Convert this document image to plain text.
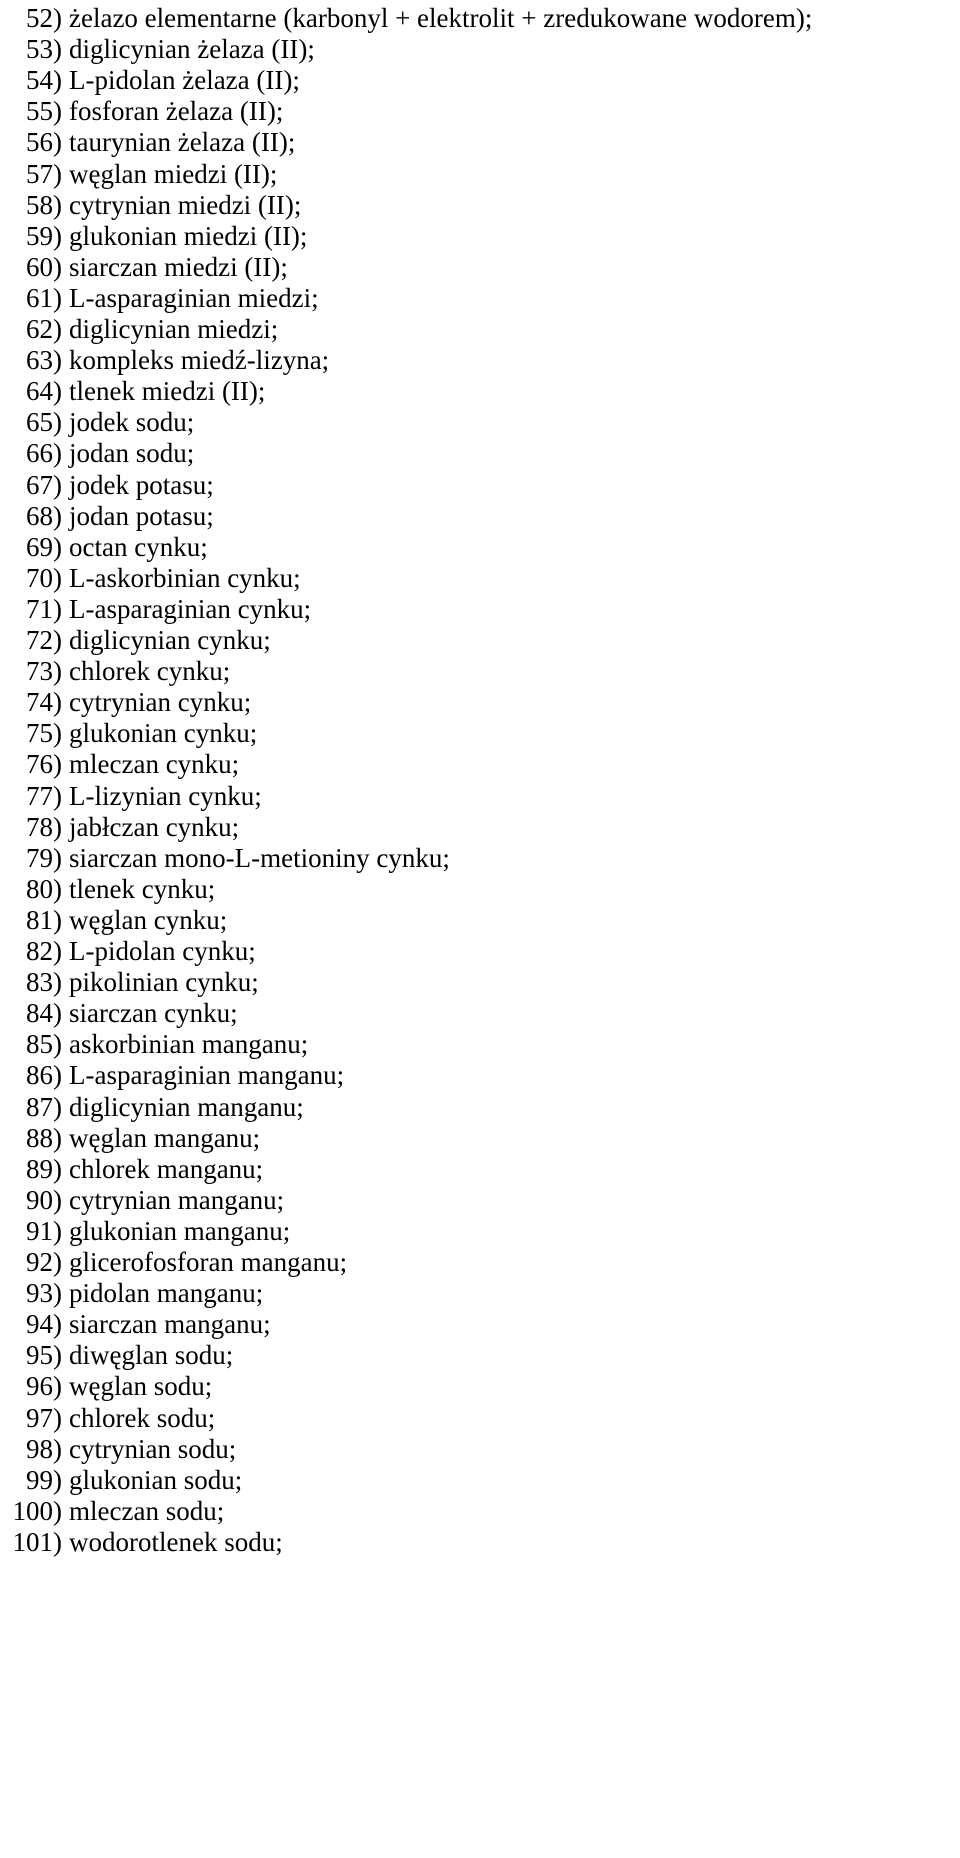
52) żelazo elementarne (karbonyl + elektrolit + zredukowane wodorem);
53) diglicynian żelaza (II);
54) L-pidolan żelaza (II);
55) fosforan żelaza (II);
56) taurynian żelaza (II);
57) węglan miedzi (II);
58) cytrynian miedzi (II);
59) glukonian miedzi (II);
60) siarczan miedzi (II);
61) L-asparaginian miedzi;
62) diglicynian miedzi;
63) kompleks miedź-lizyna;
64) tlenek miedzi (II);
65) jodek sodu;
66) jodan sodu;
67) jodek potasu;
68) jodan potasu;
69) octan cynku;
70) L-askorbinian cynku;
71) L-asparaginian cynku;
72) diglicynian cynku;
73) chlorek cynku;
74) cytrynian cynku;
75) glukonian cynku;
76) mleczan cynku;
77) L-lizynian cynku;
78) jabłczan cynku;
79) siarczan mono-L-metioniny cynku;
80) tlenek cynku;
81) węglan cynku;
82) L-pidolan cynku;
83) pikolinian cynku;
84) siarczan cynku;
85) askorbinian manganu;
86) L-asparaginian manganu;
87) diglicynian manganu;
88) węglan manganu;
89) chlorek manganu;
90) cytrynian manganu;
91) glukonian manganu;
92) glicerofosforan manganu;
93) pidolan manganu;
94) siarczan manganu;
95) diwęglan sodu;
96) węglan sodu;
97) chlorek sodu;
98) cytrynian sodu;
99) glukonian sodu;
100) mleczan sodu;
101) wodorotlenek sodu;
